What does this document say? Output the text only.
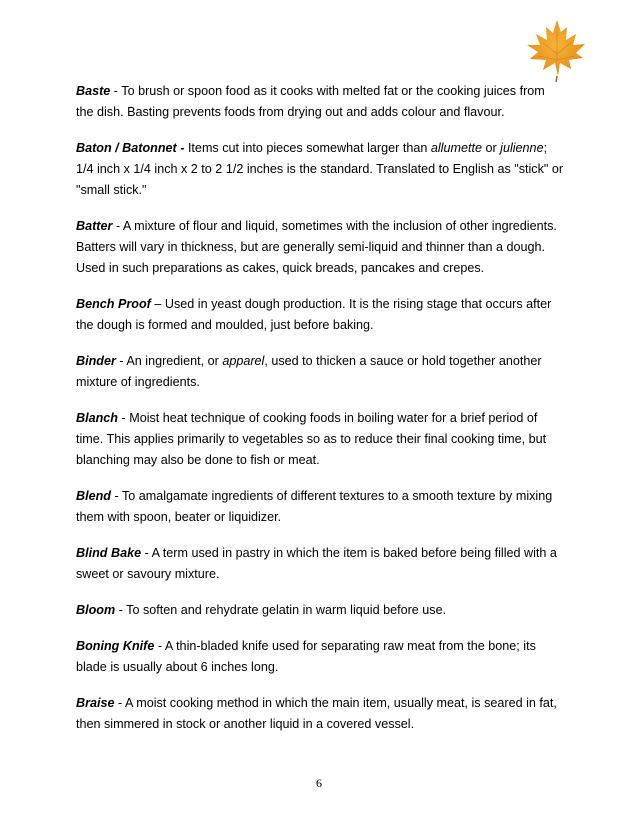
Baste - To brush or spoon food as it cooks with melted fat or the cooking juices from the dish. Basting prevents foods from drying out and adds colour and flavour.

Baton / Batonnet - Items cut into pieces somewhat larger than allumette or julienne; 1/4 inch x 1/4 inch x 2 to 2 1/2 inches is the standard. Translated to English as "stick" or "small stick."

Batter - A mixture of flour and liquid, sometimes with the inclusion of other ingredients. Batters will vary in thickness, but are generally semi-liquid and thinner than a dough. Used in such preparations as cakes, quick breads, pancakes and crepes.

Bench Proof – Used in yeast dough production. It is the rising stage that occurs after the dough is formed and moulded, just before baking.

Binder - An ingredient, or apparel, used to thicken a sauce or hold together another mixture of ingredients.

Blanch - Moist heat technique of cooking foods in boiling water for a brief period of time. This applies primarily to vegetables so as to reduce their final cooking time, but blanching may also be done to fish or meat.

Blend - To amalgamate ingredients of different textures to a smooth texture by mixing them with spoon, beater or liquidizer.

Blind Bake - A term used in pastry in which the item is baked before being filled with a sweet or savoury mixture.

Bloom - To soften and rehydrate gelatin in warm liquid before use.

Boning Knife - A thin-bladed knife used for separating raw meat from the bone; its blade is usually about 6 inches long.

Braise - A moist cooking method in which the main item, usually meat, is seared in fat, then simmered in stock or another liquid in a covered vessel.

6
